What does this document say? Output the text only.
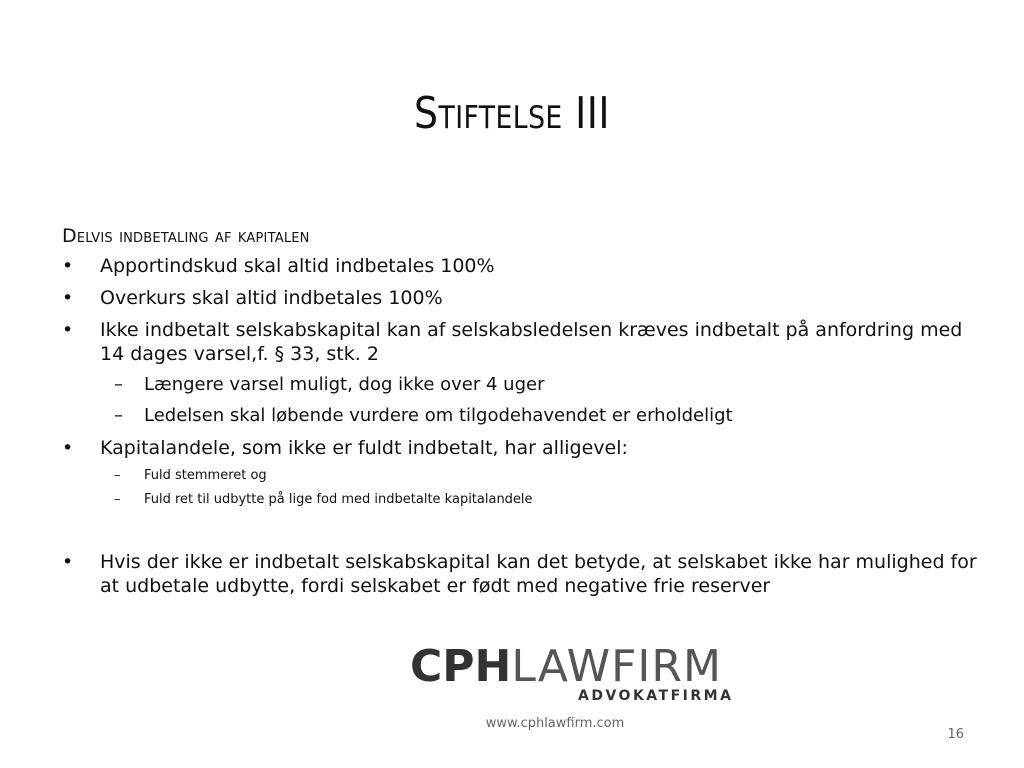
Stiftelse III
Delvis indbetaling af kapitalen
• Apportindskud skal altid indbetales 100%
• Overkurs skal altid indbetales 100%
• Ikke indbetalt selskabskapital kan af selskabsledelsen kræves indbetalt på anfordring med 14 dages varsel,f. § 33, stk. 2
– Længere varsel muligt, dog ikke over 4 uger
– Ledelsen skal løbende vurdere om tilgodehavendet er erholdeligt
• Kapitalandele, som ikke er fuldt indbetalt, har alligevel:
– Fuld stemmeret og
– Fuld ret til udbytte på lige fod med indbetalte kapitalandele
• Hvis der ikke er indbetalt selskabskapital kan det betyde, at selskabet ikke har mulighed for at udbetale udbytte, fordi selskabet er født med negative frie reserver
CPHLAWFIRM
ADVOKATFIRMA
www.cphlawfirm.com
16
